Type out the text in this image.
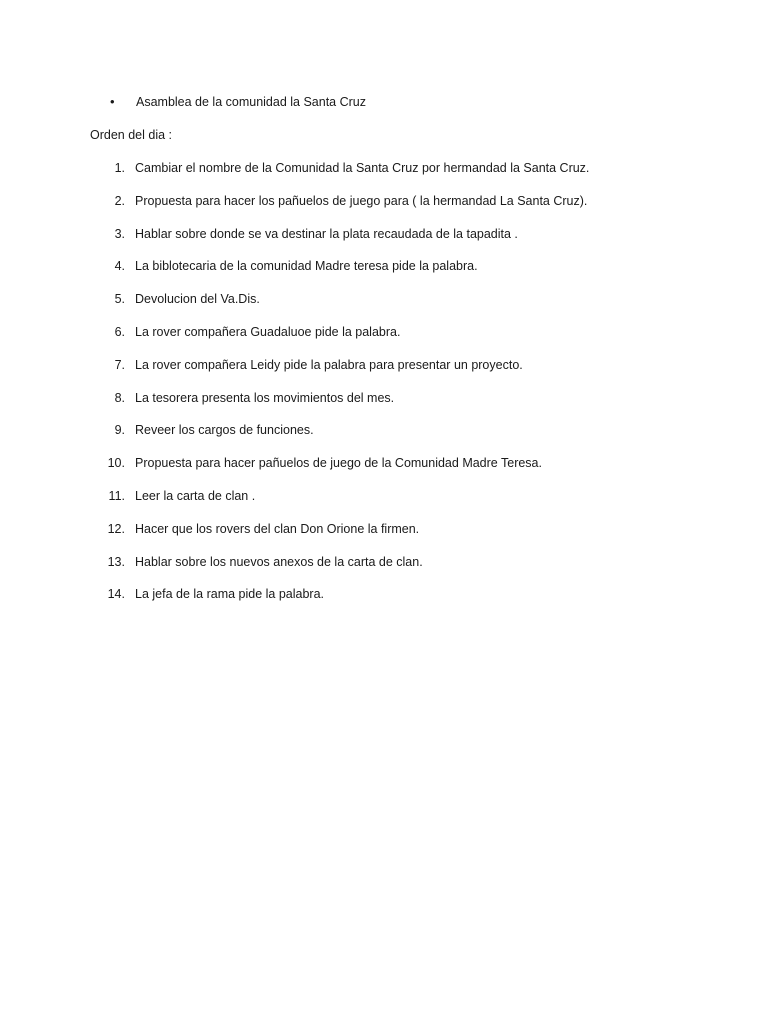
•	Asamblea de la comunidad la Santa Cruz
Orden del dia :
1. Cambiar el nombre de la Comunidad la Santa Cruz por hermandad la Santa Cruz.
2. Propuesta para hacer los pañuelos de juego para ( la hermandad La Santa Cruz).
3. Hablar sobre donde se va destinar la plata recaudada de la tapadita .
4. La biblotecaria de la comunidad Madre teresa pide la palabra.
5. Devolucion del Va.Dis.
6. La rover compañera Guadaluoe pide la palabra.
7. La rover compañera Leidy pide la palabra para presentar un proyecto.
8. La tesorera presenta los movimientos del mes.
9. Reveer los cargos de funciones.
10. Propuesta para hacer pañuelos de juego de la Comunidad Madre Teresa.
11. Leer la carta de clan .
12. Hacer que los rovers del clan Don Orione la firmen.
13. Hablar sobre los nuevos anexos de la carta de clan.
14. La jefa de la rama pide la palabra.
